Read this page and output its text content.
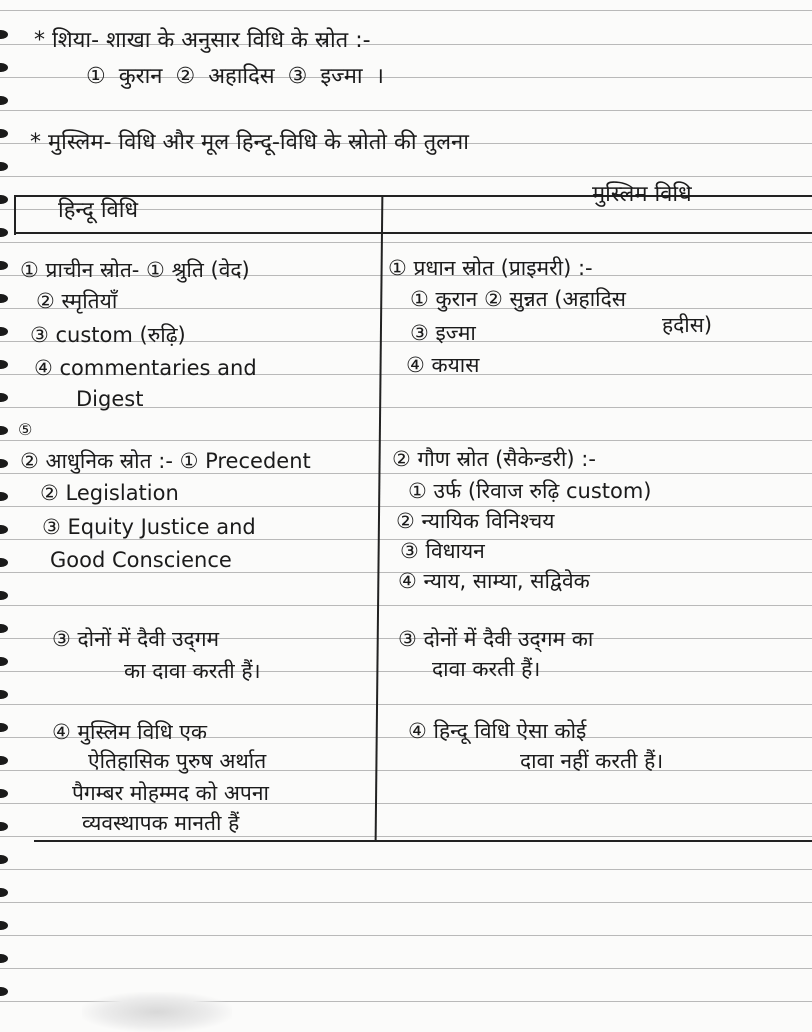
* शिया- शाखा के अनुसार विधि के स्रोत :-
① कुरान ② अहादिस ③ इज्मा ।
* मुस्लिम- विधि और मूल हिन्दू-विधि के स्रोतो की तुलना
हिन्दू विधि
मुस्लिम विधि
① प्राचीन स्रोत- ① श्रुति (वेद)
② स्मृतियाँ
③ custom (रुढ़ि)
④ commentaries and
Digest
⑤
② आधुनिक स्रोत :- ① Precedent
② Legislation
③ Equity Justice and
Good Conscience
③ दोनों में दैवी उद्‌गम
का दावा करती हैं।
④ मुस्लिम विधि एक
ऐतिहासिक पुरुष अर्थात
पैगम्बर मोहम्मद को अपना
व्यवस्थापक मानती हैं
① प्रधान स्रोत (प्राइमरी) :-
① कुरान ② सुन्नत (अहादिस
हदीस)
③ इज्मा
④ कयास
② गौण स्रोत (सैकेन्डरी) :-
① उर्फ (रिवाज रुढ़ि custom)
② न्यायिक विनिश्चय
③ विधायन
④ न्याय, साम्या, सद्विवेक
③ दोनों में दैवी उद्‌गम का
दावा करती हैं।
④ हिन्दू विधि ऐसा कोई
दावा नहीं करती हैं।
